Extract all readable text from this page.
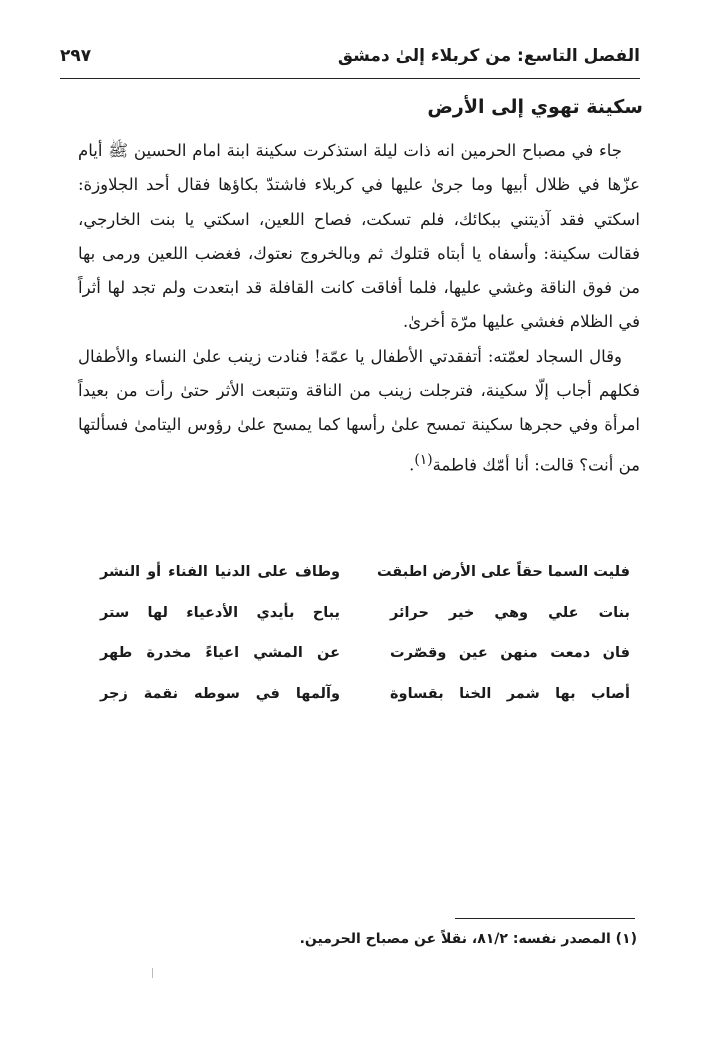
الفصل التاسع: من كربلاء إلىٰ دمشق
٢٩٧
سكينة تهوي إلى الأرض

جاء في مصباح الحرمين انه ذات ليلة استذكرت سكينة ابنة امام الحسين ﷺ أيام عزّها في ظلال أبيها وما جرىٰ عليها في كربلاء فاشتدّ بكاؤها فقال أحد الجلاوزة: اسكتي فقد آذيتني ببكائك، فلم تسكت، فصاح اللعين، اسكتي يا بنت الخارجي، فقالت سكينة: وأسفاه يا أبتاه قتلوك ثم وبالخروج نعتوك، فغضب اللعين ورمى بها من فوق الناقة وغشي عليها، فلما أفاقت كانت القافلة قد ابتعدت ولم تجد لها أثراً في الظلام فغشي عليها مرّة أخرىٰ.

وقال السجاد لعمّته: أتفقدتي الأطفال يا عمّة! فنادت زينب علىٰ النساء والأطفال فكلهم أجاب إلّا سكينة، فترجلت زينب من الناقة وتتبعت الأثر حتىٰ رأت من بعيداً امرأة وفي حجرها سكينة تمسح علىٰ رأسها كما يمسح علىٰ رؤوس اليتامىٰ فسألتها من أنت؟ قالت: أنا أمّك فاطمة$^{(١)}$.

فليت السما حقاً على الأرض اطبقت
وطاف على الدنيا الفناء أو النشر
بنات علي وهي خير حرائر
يباح بأيدي الأدعياء لها ستر
فان دمعت منهن عين وقصّرت
عن المشي اعياءً مخدرة طهر
أصاب بها شمر الخنا بقساوة
وآلمها في سوطه نقمة زجر
(١) المصدر نفسه: ٨١/٢، نقلاً عن مصباح الحرمين.
